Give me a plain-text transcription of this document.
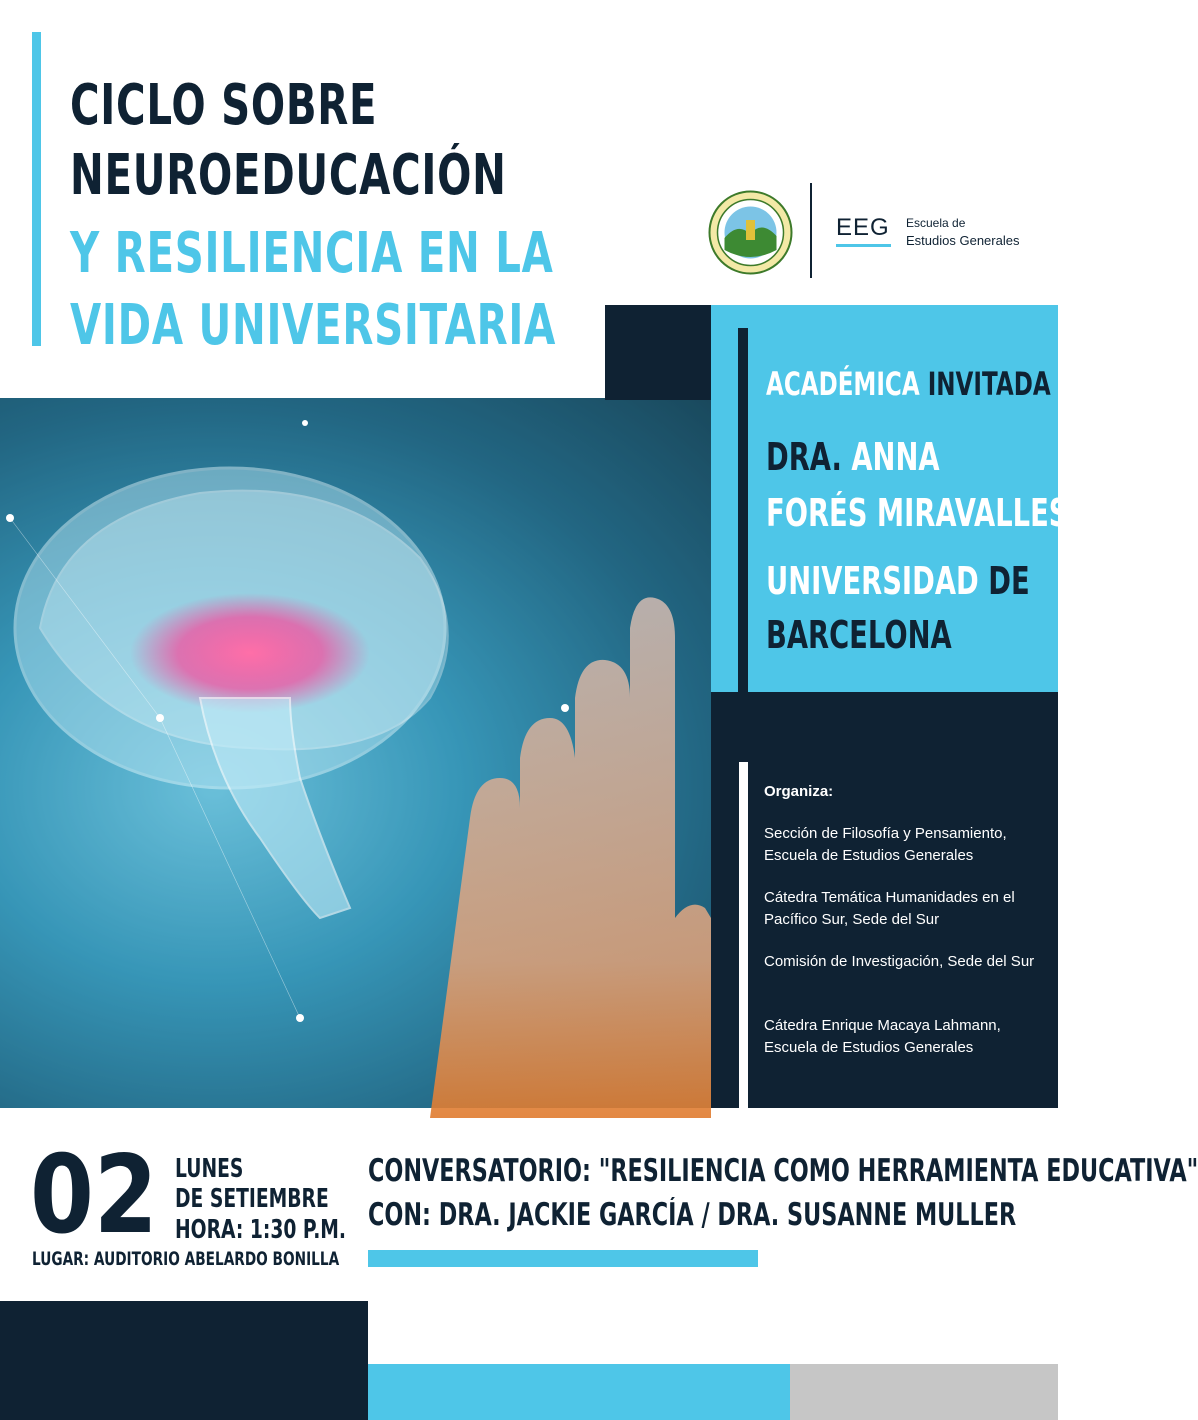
CICLO SOBRE
NEUROEDUCACIÓN
Y RESILIENCIA EN LA
VIDA UNIVERSITARIA
EEG Escuela de
Estudios Generales
ACADÉMICA INVITADA
DRA. ANNA
FORÉS MIRAVALLES
UNIVERSIDAD DE
BARCELONA
Organiza:
Sección de Filosofía y Pensamiento, Escuela de Estudios Generales
Cátedra Temática Humanidades en el Pacífico Sur, Sede del Sur
Comisión de Investigación, Sede del Sur
Cátedra Enrique Macaya Lahmann, Escuela de Estudios Generales
02 LUNES
DE SETIEMBRE
HORA: 1:30 P.M.
LUGAR: AUDITORIO ABELARDO BONILLA
CONVERSATORIO: "RESILIENCIA COMO HERRAMIENTA EDUCATIVA"
CON: DRA. JACKIE GARCÍA / DRA. SUSANNE MULLER
